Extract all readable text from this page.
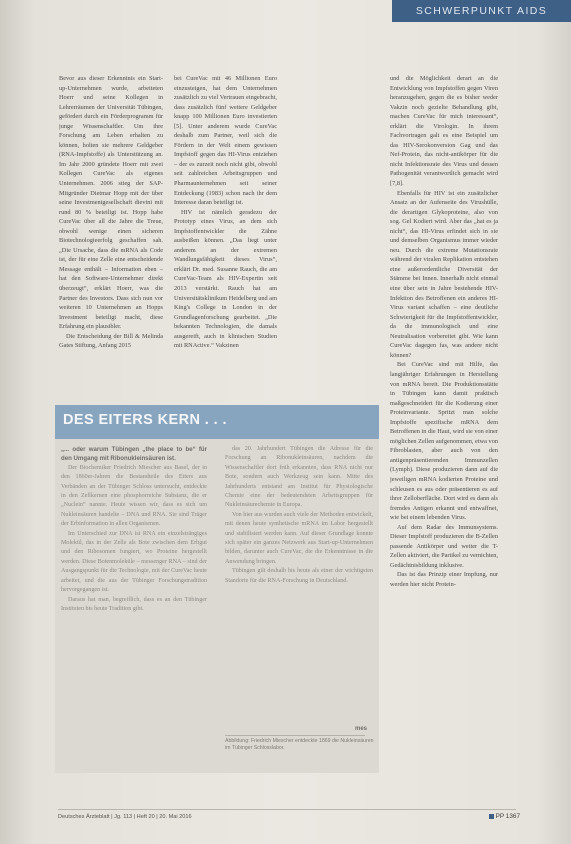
SCHWERPUNKT AIDS

Bevor aus dieser Erkenntnis ein Start-up-Unternehmen wurde, arbeiteten Hoerr und seine Kollegen in Lehrerräumen der Universität Tübingen, gefördert durch ein Förderprogramm für junge Wissenschaftler. Um ihre Forschung am Leben erhalten zu können, holten sie mehrere Geldgeber (RNA-Impfstoffe) als Unterstützung an. Im Jahr 2000 gründete Hoerr mit zwei Kollegen CureVac als eigenes Unternehmen. 2006 stieg der SAP-Mitgründer Dietmar Hopp mit der über seine Investmentgesellschaft dievini mit rund 80 % beteiligt ist. Hopp habe CureVac über all die Jahre die Treue, obwohl wenige einen sicheren Biotechnologieerfolg geschaffen sah. „Die Ursache, dass die mRNA als Code ist, der für eine Zelle eine entscheidende Message enthält – Information eben – hat den Software-Unternehmer direkt überzeugt“, erklärt Hoerr, was die Partner des Investors. Dass sich nun vor weiteren 10 Unternehmen an Hopps Investment beteiligt macht, diese Erfahrung ein plausibler.

Die Entscheidung der Bill & Melinda Gates Stiftung, Anfang 2015

bei CureVac mit 46 Millionen Euro einzusteigen, hat dem Unternehmen zusätzlich zu viel Vertrauen eingebracht, dass zusätzlich fünf weitere Geldgeber knapp 100 Millionen Euro investierten [5]. Unter anderem wurde CureVac deshalb zum Partner, weil sich die Fördern in der Welt einem gewissen Impfstoff gegen das HI-Virus entziehen – der es zurzeit noch nicht gibt, obwohl seit zahlreichen Arbeitsgruppen und Pharmaunternehmen seit seiner Entdeckung (1983) schon nach ihr dem Interesse daran beteiligt ist.

HIV ist nämlich geradezu der Prototyp eines Virus, an dem sich Impfstoffentwickler die Zähne ausbeißen können. „Das liegt unter anderem an der extremen Wandlungsfähigkeit dieses Virus“, erklärt Dr. med. Susanne Rauch, die am CureVac-Team als HIV-Expertin seit 2013 verstärkt. Rauch hat am Universitätsklinikum Heidelberg und am King's College in London in der Grundlagenforschung gearbeitet. „Die bekannten Technologien, die damals ausgereift, auch in klinischen Studien mit RNActive.“ Vakzinen

und die Möglichkeit derart an die Entwicklung von Impfstoffen gegen Viren heranzugehen, gegen die es bisher weder Vakzin noch gezielte Behandlung gibt, machen CureVac für mich interessant“, erklärt die Virologin. In ihrem Fachvortragen galt es eine Beispiel um das HIV-Serokonversion Gag und das Nef-Protein, das nicht-antikörper für die nicht Infektionsrate des Virus und dessen Pathogenität verantwortlich gemacht wird [7,8].

Ebenfalls für HIV ist ein zusätzlicher Ansatz an der Aufenseite des Virushülle, die derartigen Glykoproteine, also von sog. Gel Kodiert wird. Aber das „hat es ja nicht“, das HI-Virus erfindet sich in sie und demselben Organismus immer wieder neu. Durch die extreme Mutationsrate während der viralen Replikation entstehen eine außerordentliche Diversität der Stämme bei Innen. Innerhalb nicht einmal eine über sein in Jahre bestehende HIV-Infektion des Betroffenen ein anderes HI-Virus variant schaffen – eine deutliche Schwierigkeit für die Impfstoffentwickler, da die immunologisch und eine Neutralisation vorbereitet gibt. Wie kann CureVac dagegen fas, was andere nicht können?

Bei CureVac sind mit Hilfe, das langjähriger Erfahrungen in Herstellung von mRNA bereit. Die Produktionsstätte in Tübingen kann damit praktisch maßgeschneidert für die Kodierung einer Proteinvariante. Spritzt man solche Impfstoffe spezifische mRNA dem Betroffenen in die Haut, wird sie von einer möglichen Zellen aufgenommen, etwa von Fibroblasten, aber auch von den antigenpräsentierenden Immunzellen (Lymph). Diese produzieren dann auf die jeweiligen mRNA kodierten Proteine und schleusen es aus oder präsentieren es auf ihrer Zelloberfläche. Dort wird es dann als fremdes Antigen erkannt und entwaffnet, wie bei einem lebenden Virus.

Auf dem Radar des Immunsystems. Dieser Impfstoff produzieren die B-Zellen passende Antikörper und weiter die T-Zellen aktiviert, die Partikel zu vernichten, Gedächtnisbildung inklusive.

Das ist das Prinzip einer Impfung, nur werden hier nicht Protein-

DES EITERS KERN . . .

„... oder warum Tübingen „the place to be“ für den Umgang mit Ribonukleinsäuren ist.

Der Biochemiker Friedrich Miescher aus Basel, der in den 1860er-Jahren die Bestandteile des Eiters aus Verbänden an der Tübinger Schloss untersucht, entdeckte in den Zellkernen eine phosphorreiche Substanz, die er „Nuclein“ nannte. Heute wissen wir, dass es sich um Nukleinsäuren handelte – DNA und RNA. Sie sind Träger der Erbinformation in allen Organismen.

Im Unterschied zur DNA ist RNA ein einzelsträngiges Molekül, das in der Zelle als Bote zwischen dem Erbgut und den Ribosomen fungiert, wo Proteine hergestellt werden. Diese Botenmoleküle – messenger RNA – sind der Ausgangspunkt für die Technologie, mit der CureVac heute arbeitet, und die aus der Tübinger Forschungstradition hervorgegangen ist.

Daraus hat man, begreiflich, dass es an den Tübinger Instituten bis heute Tradition gibt.

das 20. Jahrhundert Tübingen die Adresse für die Forschung an Ribonukleinsäuren, nachdem die Wissenschaftler dort früh erkannten, dass RNA nicht nur Bote, sondern auch Werkzeug sein kann. Mitte des Jahrhunderts entstand am Institut für Physiologische Chemie eine der bedeutendsten Arbeitsgruppen für Nukleinsäurechemie in Europa.

Von hier aus wurden auch viele der Methoden entwickelt, mit denen heute synthetische mRNA im Labor hergestellt und stabilisiert werden kann. Auf dieser Grundlage konnte sich später ein ganzes Netzwerk aus Start-up-Unternehmen bilden, darunter auch CureVac, die die Erkenntnisse in die Anwendung bringen.

Tübingen gilt deshalb bis heute als einer der wichtigsten Standorte für die RNA-Forschung in Deutschland.

mes
Abbildung: Friedrich Miescher entdeckte 1869 die Nukleinsäuren im Tübinger Schlosslabor.
Deutsches Ärzteblatt | Jg. 113 | Heft 20 | 20. Mai 2016	PP 1367
